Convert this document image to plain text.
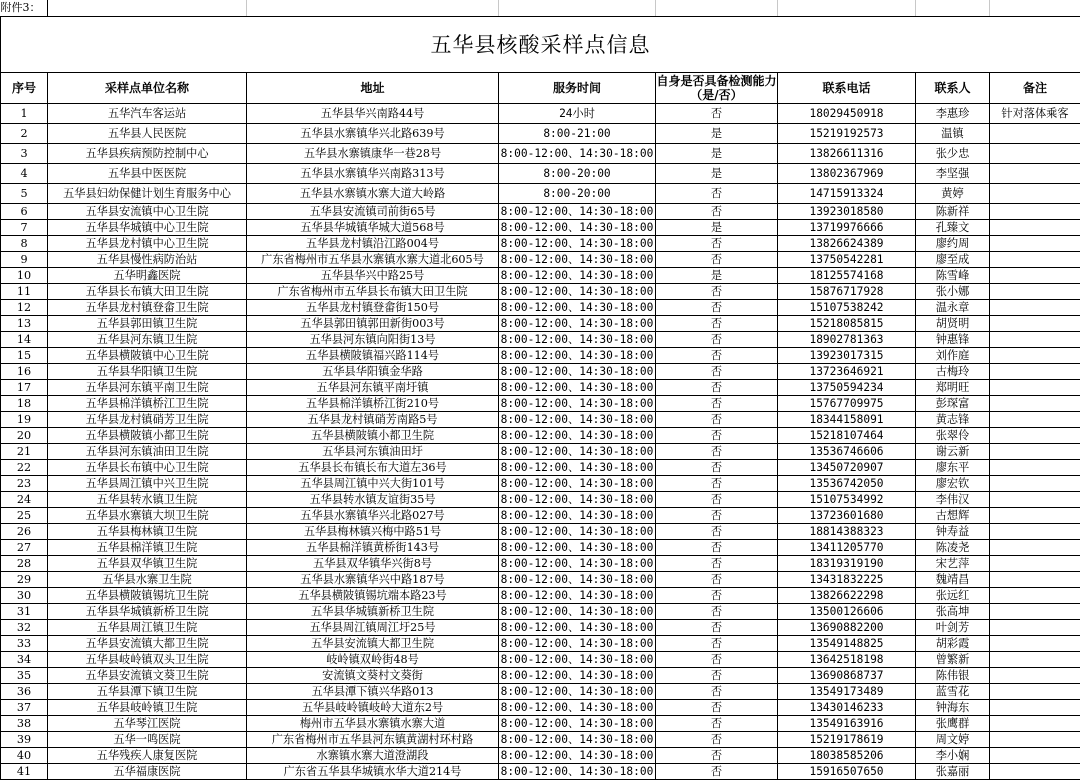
附件3：							
五华县核酸采样点信息							
序号	采样点单位名称	地址	服务时间	自身是否具备检测能力（是/否）	联系电话	联系人	备注
1	五华汽车客运站	五华县华兴南路44号	24小时	否	18029450918	李惠珍	针对落体乘客
2	五华县人民医院	五华县水寨镇华兴北路639号	8:00-21:00	是	15219192573	温镇	
3	五华县疾病预防控制中心	五华县水寨镇康华一巷28号	8:00-12:00、14:30-18:00	是	13826611316	张少忠	
4	五华县中医医院	五华县水寨镇华兴南路313号	8:00-20:00	是	13802367969	李坚强	
5	五华县妇幼保健计划生育服务中心	五华县水寨镇水寨大道大岭路	8:00-20:00	否	14715913324	黄婷	
6	五华县安流镇中心卫生院	五华县安流镇司前街65号	8:00-12:00、14:30-18:00	否	13923018580	陈新祥	
7	五华县华城镇中心卫生院	五华县华城镇华城大道568号	8:00-12:00、14:30-18:00	是	13719976666	孔臻文	
8	五华县龙村镇中心卫生院	五华县龙村镇沿江路004号	8:00-12:00、14:30-18:00	否	13826624389	廖约周	
9	五华县慢性病防治站	广东省梅州市五华县水寨镇水寨大道北605号	8:00-12:00、14:30-18:00	否	13750542281	廖至成	
10	五华明鑫医院	五华县华兴中路25号	8:00-12:00、14:30-18:00	是	18125574168	陈雪峰	
11	五华县长布镇大田卫生院	广东省梅州市五华县长布镇大田卫生院	8:00-12:00、14:30-18:00	否	15876717928	张小娜	
12	五华县龙村镇登畲卫生院	五华县龙村镇登畲街150号	8:00-12:00、14:30-18:00	否	15107538242	温永章	
13	五华县郭田镇卫生院	五华县郭田镇郭田新街003号	8:00-12:00、14:30-18:00	否	15218085815	胡贤明	
14	五华县河东镇卫生院	五华县河东镇向阳街13号	8:00-12:00、14:30-18:00	否	18902781363	钟惠锋	
15	五华县横陂镇中心卫生院	五华县横陂镇福兴路114号	8:00-12:00、14:30-18:00	否	13923017315	刘作庭	
16	五华县华阳镇卫生院	五华县华阳镇金华路	8:00-12:00、14:30-18:00	否	13723646921	古梅玲	
17	五华县河东镇平南卫生院	五华县河东镇平南圩镇	8:00-12:00、14:30-18:00	否	13750594234	郑明旺	
18	五华县棉洋镇桥江卫生院	五华县棉洋镇桥江街210号	8:00-12:00、14:30-18:00	否	15767709975	彭琛富	
19	五华县龙村镇硝芳卫生院	五华县龙村镇硝芳南路5号	8:00-12:00、14:30-18:00	否	18344158091	黄志锋	
20	五华县横陂镇小都卫生院	五华县横陂镇小都卫生院	8:00-12:00、14:30-18:00	否	15218107464	张翠伶	
21	五华县河东镇油田卫生院	五华县河东镇油田圩	8:00-12:00、14:30-18:00	否	13536746606	谢云新	
22	五华县长布镇中心卫生院	五华县长布镇长布大道左36号	8:00-12:00、14:30-18:00	否	13450720907	廖东平	
23	五华县周江镇中兴卫生院	五华县周江镇中兴大街101号	8:00-12:00、14:30-18:00	否	13536742050	廖宏钦	
24	五华县转水镇卫生院	五华县转水镇友谊街35号	8:00-12:00、14:30-18:00	否	15107534992	李伟汉	
25	五华县水寨镇大坝卫生院	五华县水寨镇华兴北路027号	8:00-12:00、14:30-18:00	否	13723601680	古想辉	
26	五华县梅林镇卫生院	五华县梅林镇兴梅中路51号	8:00-12:00、14:30-18:00	否	18814388323	钟寿益	
27	五华县棉洋镇卫生院	五华县棉洋镇黄桥街143号	8:00-12:00、14:30-18:00	否	13411205770	陈凌尧	
28	五华县双华镇卫生院	五华县双华镇华兴街8号	8:00-12:00、14:30-18:00	否	18319319190	宋艺萍	
29	五华县水寨卫生院	五华县水寨镇华兴中路187号	8:00-12:00、14:30-18:00	否	13431832225	魏靖昌	
30	五华县横陂镇锡坑卫生院	五华县横陂镇锡坑端本路23号	8:00-12:00、14:30-18:00	否	13826622298	张远红	
31	五华县华城镇新桥卫生院	五华县华城镇新桥卫生院	8:00-12:00、14:30-18:00	否	13500126606	张高坤	
32	五华县周江镇卫生院	五华县周江镇周江圩25号	8:00-12:00、14:30-18:00	否	13690882200	叶剑芳	
33	五华县安流镇大都卫生院	五华县安流镇大都卫生院	8:00-12:00、14:30-18:00	否	13549148825	胡彩霞	
34	五华县岐岭镇双头卫生院	岐岭镇双岭街48号	8:00-12:00、14:30-18:00	否	13642518198	曾繁新	
35	五华县安流镇文葵卫生院	安流镇文葵村文葵街	8:00-12:00、14:30-18:00	否	13690868737	陈伟银	
36	五华县潭下镇卫生院	五华县潭下镇兴华路013	8:00-12:00、14:30-18:00	否	13549173489	蓝雪花	
37	五华县岐岭镇卫生院	五华县岐岭镇岐岭大道东2号	8:00-12:00、14:30-18:00	否	13430146233	钟海东	
38	五华琴江医院	梅州市五华县水寨镇水寨大道	8:00-12:00、14:30-18:00	否	13549163916	张鹰群	
39	五华一鸣医院	广东省梅州市五华县河东镇黄湖村环村路	8:00-12:00、14:30-18:00	否	15219178619	周文婷	
40	五华残疾人康复医院	水寨镇水寨大道澄湖段	8:00-12:00、14:30-18:00	否	18038585206	李小娴	
41	五华福康医院	广东省五华县华城镇水华大道214号	8:00-12:00、14:30-18:00	否	15916507650	张嘉丽	
